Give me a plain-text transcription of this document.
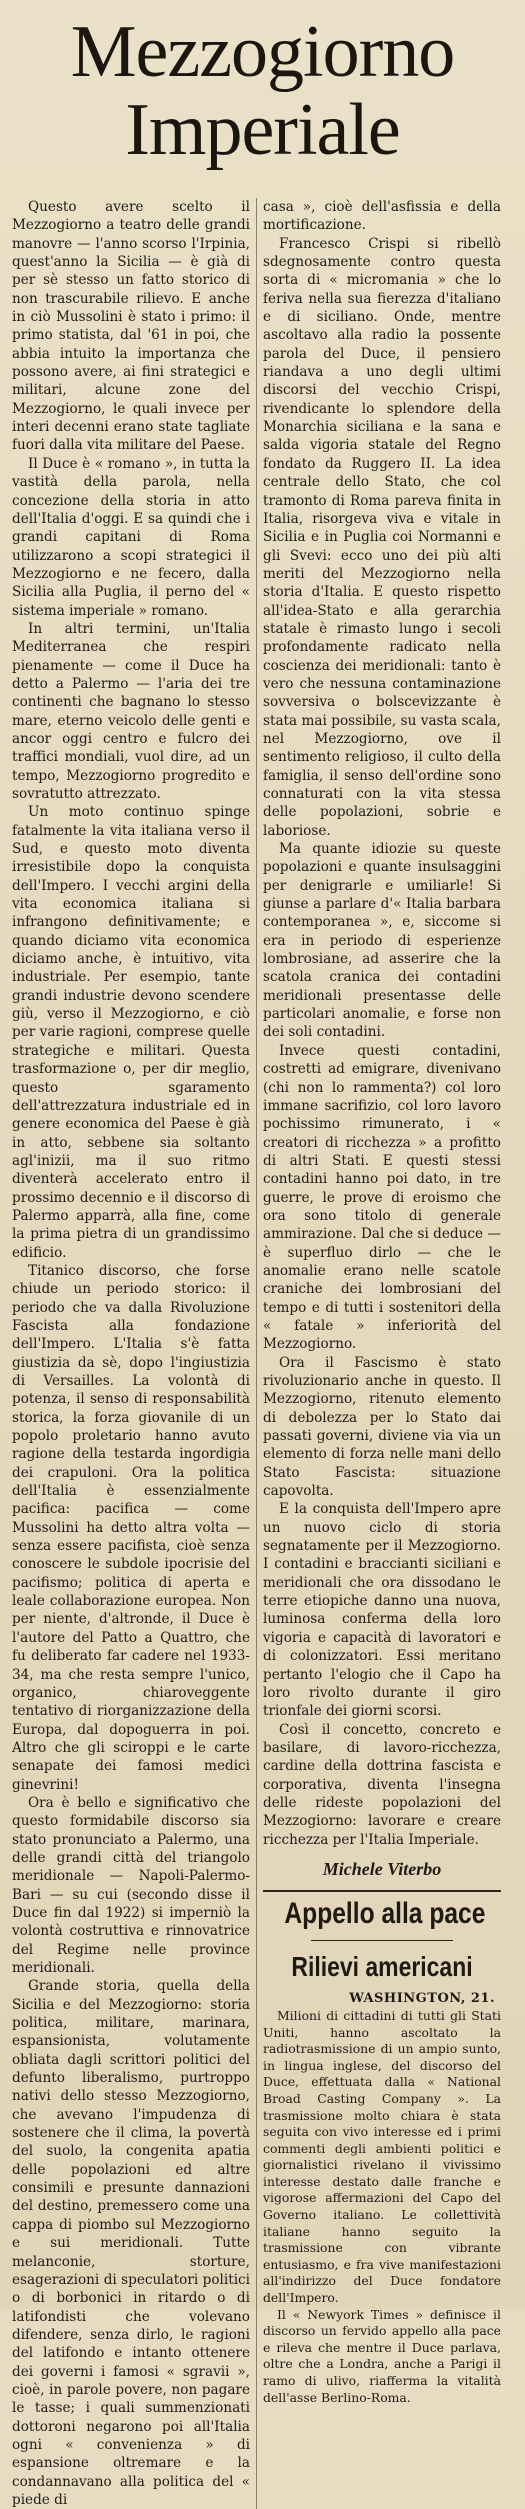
Mezzogiorno
Imperiale

Questo avere scelto il Mezzogiorno a teatro delle grandi manovre — l'anno scorso l'Irpinia, quest'anno la Sicilia — è già di per sè stesso un fatto storico di non trascurabile rilievo. E anche in ciò Mussolini è stato i primo: il primo statista, dal '61 in poi, che abbia intuito la importanza che possono avere, ai fini strategici e militari, alcune zone del Mezzogiorno, le quali invece per interi decenni erano state tagliate fuori dalla vita militare del Paese.

Il Duce è « romano », in tutta la vastità della parola, nella concezione della storia in atto dell'Italia d'oggi. E sa quindi che i grandi capitani di Roma utilizzarono a scopi strategici il Mezzogiorno e ne fecero, dalla Sicilia alla Puglia, il perno del « sistema imperiale » romano.

In altri termini, un'Italia Mediterranea che respiri pienamente — come il Duce ha detto a Palermo — l'aria dei tre continenti che bagnano lo stesso mare, eterno veicolo delle genti e ancor oggi centro e fulcro dei traffici mondiali, vuol dire, ad un tempo, Mezzogiorno progredito e sovratutto attrezzato.

Un moto continuo spinge fatalmente la vita italiana verso il Sud, e questo moto diventa irresistibile dopo la conquista dell'Impero. I vecchi argini della vita economica italiana si infrangono definitivamente; e quando diciamo vita economica diciamo anche, è intuitivo, vita industriale. Per esempio, tante grandi industrie devono scendere giù, verso il Mezzogiorno, e ciò per varie ragioni, comprese quelle strategiche e militari. Questa trasformazione o, per dir meglio, questo sgaramento dell'attrezzatura industriale ed in genere economica del Paese è già in atto, sebbene sia soltanto agl'inizii, ma il suo ritmo diventerà accelerato entro il prossimo decennio e il discorso di Palermo apparrà, alla fine, come la prima pietra di un grandissimo edificio.

Titanico discorso, che forse chiude un periodo storico: il periodo che va dalla Rivoluzione Fascista alla fondazione dell'Impero. L'Italia s'è fatta giustizia da sè, dopo l'ingiustizia di Versailles. La volontà di potenza, il senso di responsabilità storica, la forza giovanile di un popolo proletario hanno avuto ragione della testarda ingordigia dei crapuloni. Ora la politica dell'Italia è essenzialmente pacifica: pacifica — come Mussolini ha detto altra volta — senza essere pacifista, cioè senza conoscere le subdole ipocrisie del pacifismo; politica di aperta e leale collaborazione europea. Non per niente, d'altronde, il Duce è l'autore del Patto a Quattro, che fu deliberato far cadere nel 1933-34, ma che resta sempre l'unico, organico, chiaroveggente tentativo di riorganizzazione della Europa, dal dopoguerra in poi. Altro che gli sciroppi e le carte senapate dei famosi medici ginevrini!

Ora è bello e significativo che questo formidabile discorso sia stato pronunciato a Palermo, una delle grandi città del triangolo meridionale — Napoli-Palermo-Bari — su cui (secondo disse il Duce fin dal 1922) si imperniò la volontà costruttiva e rinnovatrice del Regime nelle province meridionali.

Grande storia, quella della Sicilia e del Mezzogiorno: storia politica, militare, marinara, espansionista, volutamente obliata dagli scrittori politici del defunto liberalismo, purtroppo nativi dello stesso Mezzogiorno, che avevano l'impudenza di sostenere che il clima, la povertà del suolo, la congenita apatia delle popolazioni ed altre consimili e presunte dannazioni del destino, premessero come una cappa di piombo sul Mezzogiorno e sui meridionali. Tutte melanconie, storture, esagerazioni di speculatori politici o di borbonici in ritardo o di latifondisti che volevano difendere, senza dirlo, le ragioni del latifondo e intanto ottenere dei governi i famosi « sgravii », cioè, in parole povere, non pagare le tasse; i quali summenzionati dottoroni negarono poi all'Italia ogni « convenienza » di espansione oltremare e la condannavano alla politica del « piede di

casa », cioè dell'asfissia e della mortificazione.

Francesco Crispi si ribellò sdegnosamente contro questa sorta di « micromania » che lo feriva nella sua fierezza d'italiano e di siciliano. Onde, mentre ascoltavo alla radio la possente parola del Duce, il pensiero riandava a uno degli ultimi discorsi del vecchio Crispi, rivendicante lo splendore della Monarchia siciliana e la sana e salda vigoria statale del Regno fondato da Ruggero II. La idea centrale dello Stato, che col tramonto di Roma pareva finita in Italia, risorgeva viva e vitale in Sicilia e in Puglia coi Normanni e gli Svevi: ecco uno dei più alti meriti del Mezzogiorno nella storia d'Italia. E questo rispetto all'idea-Stato e alla gerarchia statale è rimasto lungo i secoli profondamente radicato nella coscienza dei meridionali: tanto è vero che nessuna contaminazione sovversiva o bolscevizzante è stata mai possibile, su vasta scala, nel Mezzogiorno, ove il sentimento religioso, il culto della famiglia, il senso dell'ordine sono connaturati con la vita stessa delle popolazioni, sobrie e laboriose.

Ma quante idiozie su queste popolazioni e quante insulsaggini per denigrarle e umiliarle! Si giunse a parlare d'« Italia barbara contemporanea », e, siccome si era in periodo di esperienze lombrosiane, ad asserire che la scatola cranica dei contadini meridionali presentasse delle particolari anomalie, e forse non dei soli contadini.

Invece questi contadini, costretti ad emigrare, divenivano (chi non lo rammenta?) col loro immane sacrifizio, col loro lavoro pochissimo rimunerato, i « creatori di ricchezza » a profitto di altri Stati. E questi stessi contadini hanno poi dato, in tre guerre, le prove di eroismo che ora sono titolo di generale ammirazione. Dal che si deduce — è superfluo dirlo — che le anomalie erano nelle scatole craniche dei lombrosiani del tempo e di tutti i sostenitori della « fatale » inferiorità del Mezzogiorno.

Ora il Fascismo è stato rivoluzionario anche in questo. Il Mezzogiorno, ritenuto elemento di debolezza per lo Stato dai passati governi, diviene via via un elemento di forza nelle mani dello Stato Fascista: situazione capovolta.

E la conquista dell'Impero apre un nuovo ciclo di storia segnatamente per il Mezzogiorno. I contadini e braccianti siciliani e meridionali che ora dissodano le terre etiopiche danno una nuova, luminosa conferma della loro vigoria e capacità di lavoratori e di colonizzatori. Essi meritano pertanto l'elogio che il Capo ha loro rivolto durante il giro trionfale dei giorni scorsi.

Così il concetto, concreto e basilare, di lavoro-ricchezza, cardine della dottrina fascista e corporativa, diventa l'insegna delle ridestе popolazioni del Mezzogiorno: lavorare e creare ricchezza per l'Italia Imperiale.

Michele Viterbo
Appello alla pace
Rilievi americani
WASHINGTON, 21.

Milioni di cittadini di tutti gli Stati Uniti, hanno ascoltato la radiotrasmissione di un ampio sunto, in lingua inglese, del discorso del Duce, effettuata dalla « National Broad Casting Company ». La trasmissione molto chiara è stata seguita con vivo interesse ed i primi commenti degli ambienti politici e giornalistici rivelano il vivissimo interesse destato dalle franche e vigorose affermazioni del Capo del Governo italiano. Le collettività italiane hanno seguito la trasmissione con vibrante entusiasmo, e fra vive manifestazioni all'indirizzo del Duce fondatore dell'Impero.

Il « Newyork Times » definisce il discorso un fervido appello alla pace e rileva che mentre il Duce parlava, oltre che a Londra, anche a Parigi il ramo di ulivo, riafferma la vitalità dell'asse Berlino-Roma.
